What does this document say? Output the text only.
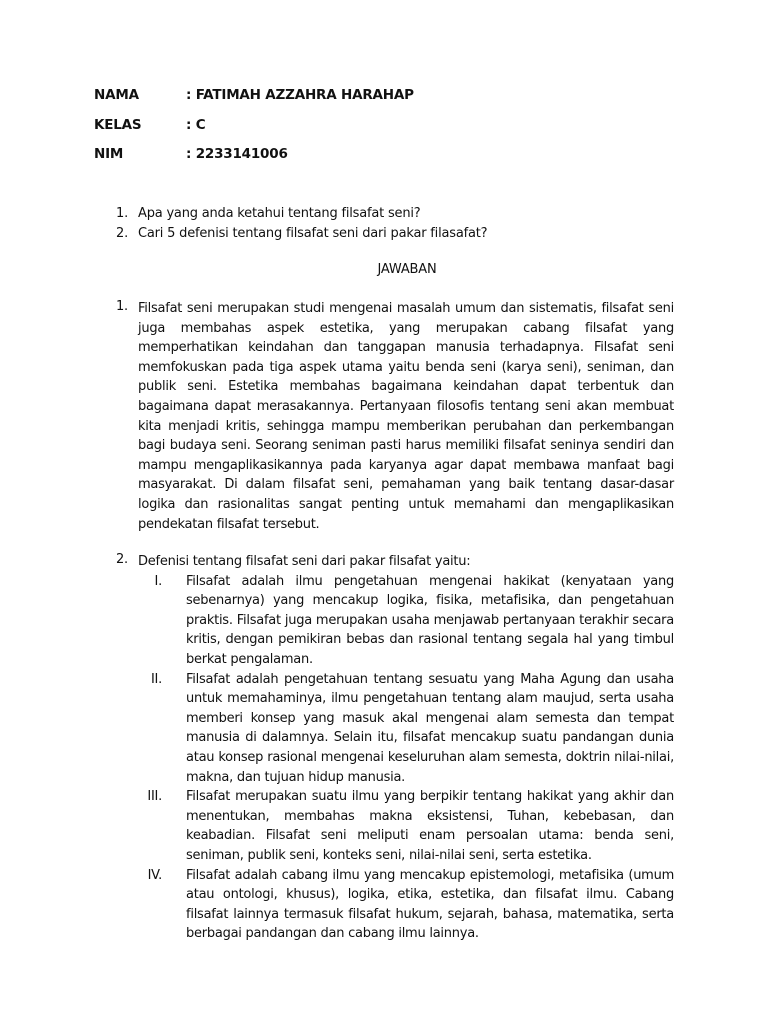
NAMA	: FATIMAH AZZAHRA HARAHAP
KELAS	: C
NIM	: 2233141006
1. Apa yang anda ketahui tentang filsafat seni?
2. Cari 5 defenisi tentang filsafat seni dari pakar filasafat?
JAWABAN
1. Filsafat seni merupakan studi mengenai masalah umum dan sistematis, filsafat seni juga membahas aspek estetika, yang merupakan cabang filsafat yang memperhatikan keindahan dan tanggapan manusia terhadapnya. Filsafat seni memfokuskan pada tiga aspek utama yaitu benda seni (karya seni), seniman, dan publik seni. Estetika membahas bagaimana keindahan dapat terbentuk dan bagaimana dapat merasakannya. Pertanyaan filosofis tentang seni akan membuat kita menjadi kritis, sehingga mampu memberikan perubahan dan perkembangan bagi budaya seni. Seorang seniman pasti harus memiliki filsafat seninya sendiri dan mampu mengaplikasikannya pada karyanya agar dapat membawa manfaat bagi masyarakat. Di dalam filsafat seni, pemahaman yang baik tentang dasar-dasar logika dan rasionalitas sangat penting untuk memahami dan mengaplikasikan pendekatan filsafat tersebut.
2. Defenisi tentang filsafat seni dari pakar filsafat yaitu:
I. Filsafat adalah ilmu pengetahuan mengenai hakikat (kenyataan yang sebenarnya) yang mencakup logika, fisika, metafisika, dan pengetahuan praktis. Filsafat juga merupakan usaha menjawab pertanyaan terakhir secara kritis, dengan pemikiran bebas dan rasional tentang segala hal yang timbul berkat pengalaman.
II. Filsafat adalah pengetahuan tentang sesuatu yang Maha Agung dan usaha untuk memahaminya, ilmu pengetahuan tentang alam maujud, serta usaha memberi konsep yang masuk akal mengenai alam semesta dan tempat manusia di dalamnya. Selain itu, filsafat mencakup suatu pandangan dunia atau konsep rasional mengenai keseluruhan alam semesta, doktrin nilai-nilai, makna, dan tujuan hidup manusia.
III. Filsafat merupakan suatu ilmu yang berpikir tentang hakikat yang akhir dan menentukan, membahas makna eksistensi, Tuhan, kebebasan, dan keabadian. Filsafat seni meliputi enam persoalan utama: benda seni, seniman, publik seni, konteks seni, nilai-nilai seni, serta estetika.
IV. Filsafat adalah cabang ilmu yang mencakup epistemologi, metafisika (umum atau ontologi, khusus), logika, etika, estetika, dan filsafat ilmu. Cabang filsafat lainnya termasuk filsafat hukum, sejarah, bahasa, matematika, serta berbagai pandangan dan cabang ilmu lainnya.
